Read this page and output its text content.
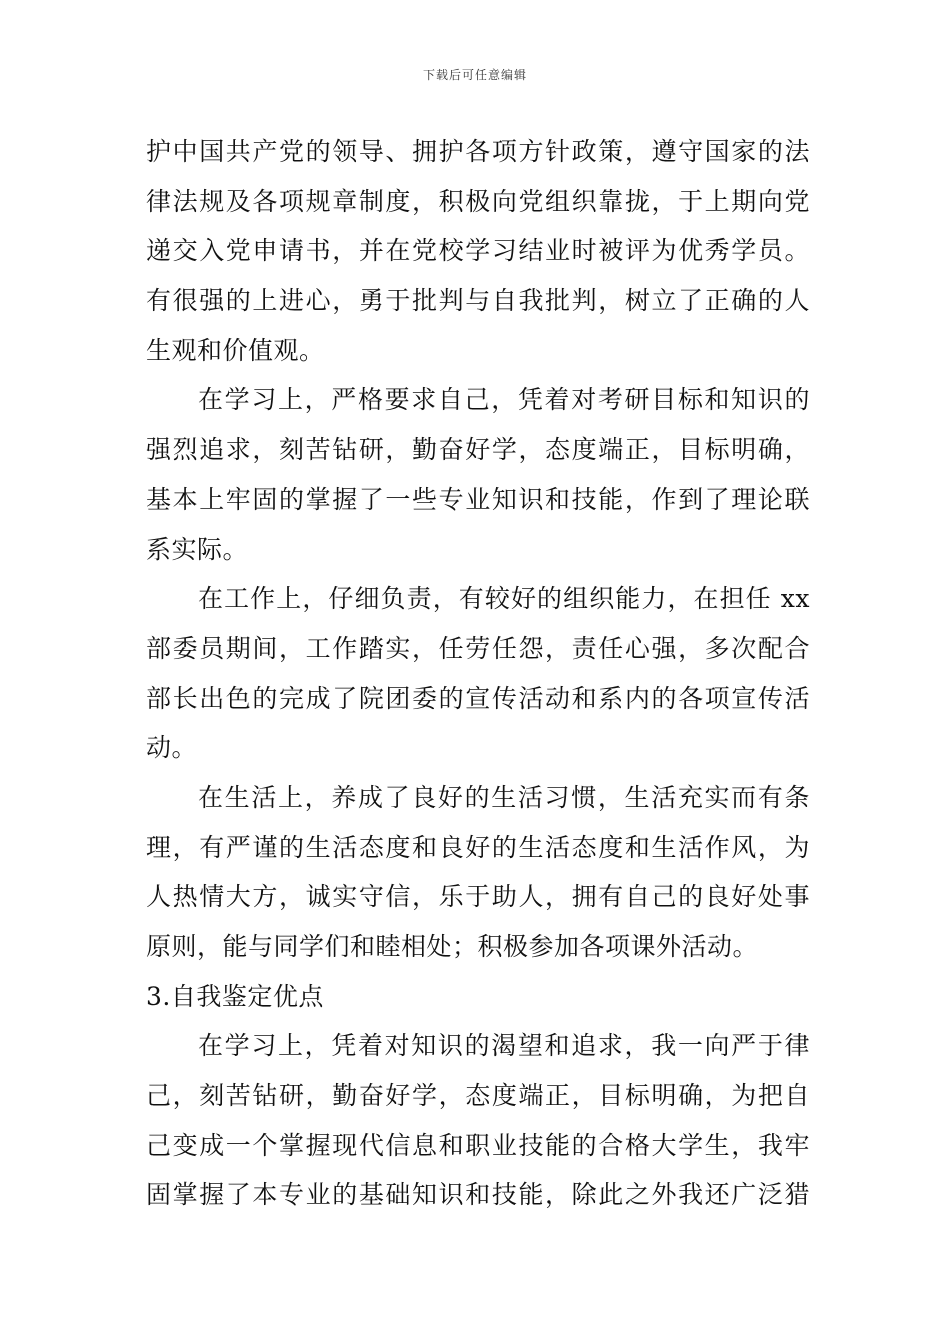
下载后可任意编辑
护中国共产党的领导、拥护各项方针政策，遵守国家的法
律法规及各项规章制度，积极向党组织靠拢，于上期向党
递交入党申请书，并在党校学习结业时被评为优秀学员。
有很强的上进心，勇于批判与自我批判，树立了正确的人
生观和价值观。
在学习上，严格要求自己，凭着对考研目标和知识的
强烈追求，刻苦钻研，勤奋好学，态度端正，目标明确，
基本上牢固的掌握了一些专业知识和技能，作到了理论联
系实际。
在工作上，仔细负责，有较好的组织能力，在担任 xx
部委员期间，工作踏实，任劳任怨，责任心强，多次配合
部长出色的完成了院团委的宣传活动和系内的各项宣传活
动。
在生活上，养成了良好的生活习惯，生活充实而有条
理，有严谨的生活态度和良好的生活态度和生活作风，为
人热情大方，诚实守信，乐于助人，拥有自己的良好处事
原则，能与同学们和睦相处；积极参加各项课外活动。
3.自我鉴定优点
在学习上，凭着对知识的渴望和追求，我一向严于律
己，刻苦钻研，勤奋好学，态度端正，目标明确，为把自
己变成一个掌握现代信息和职业技能的合格大学生，我牢
固掌握了本专业的基础知识和技能，除此之外我还广泛猎
